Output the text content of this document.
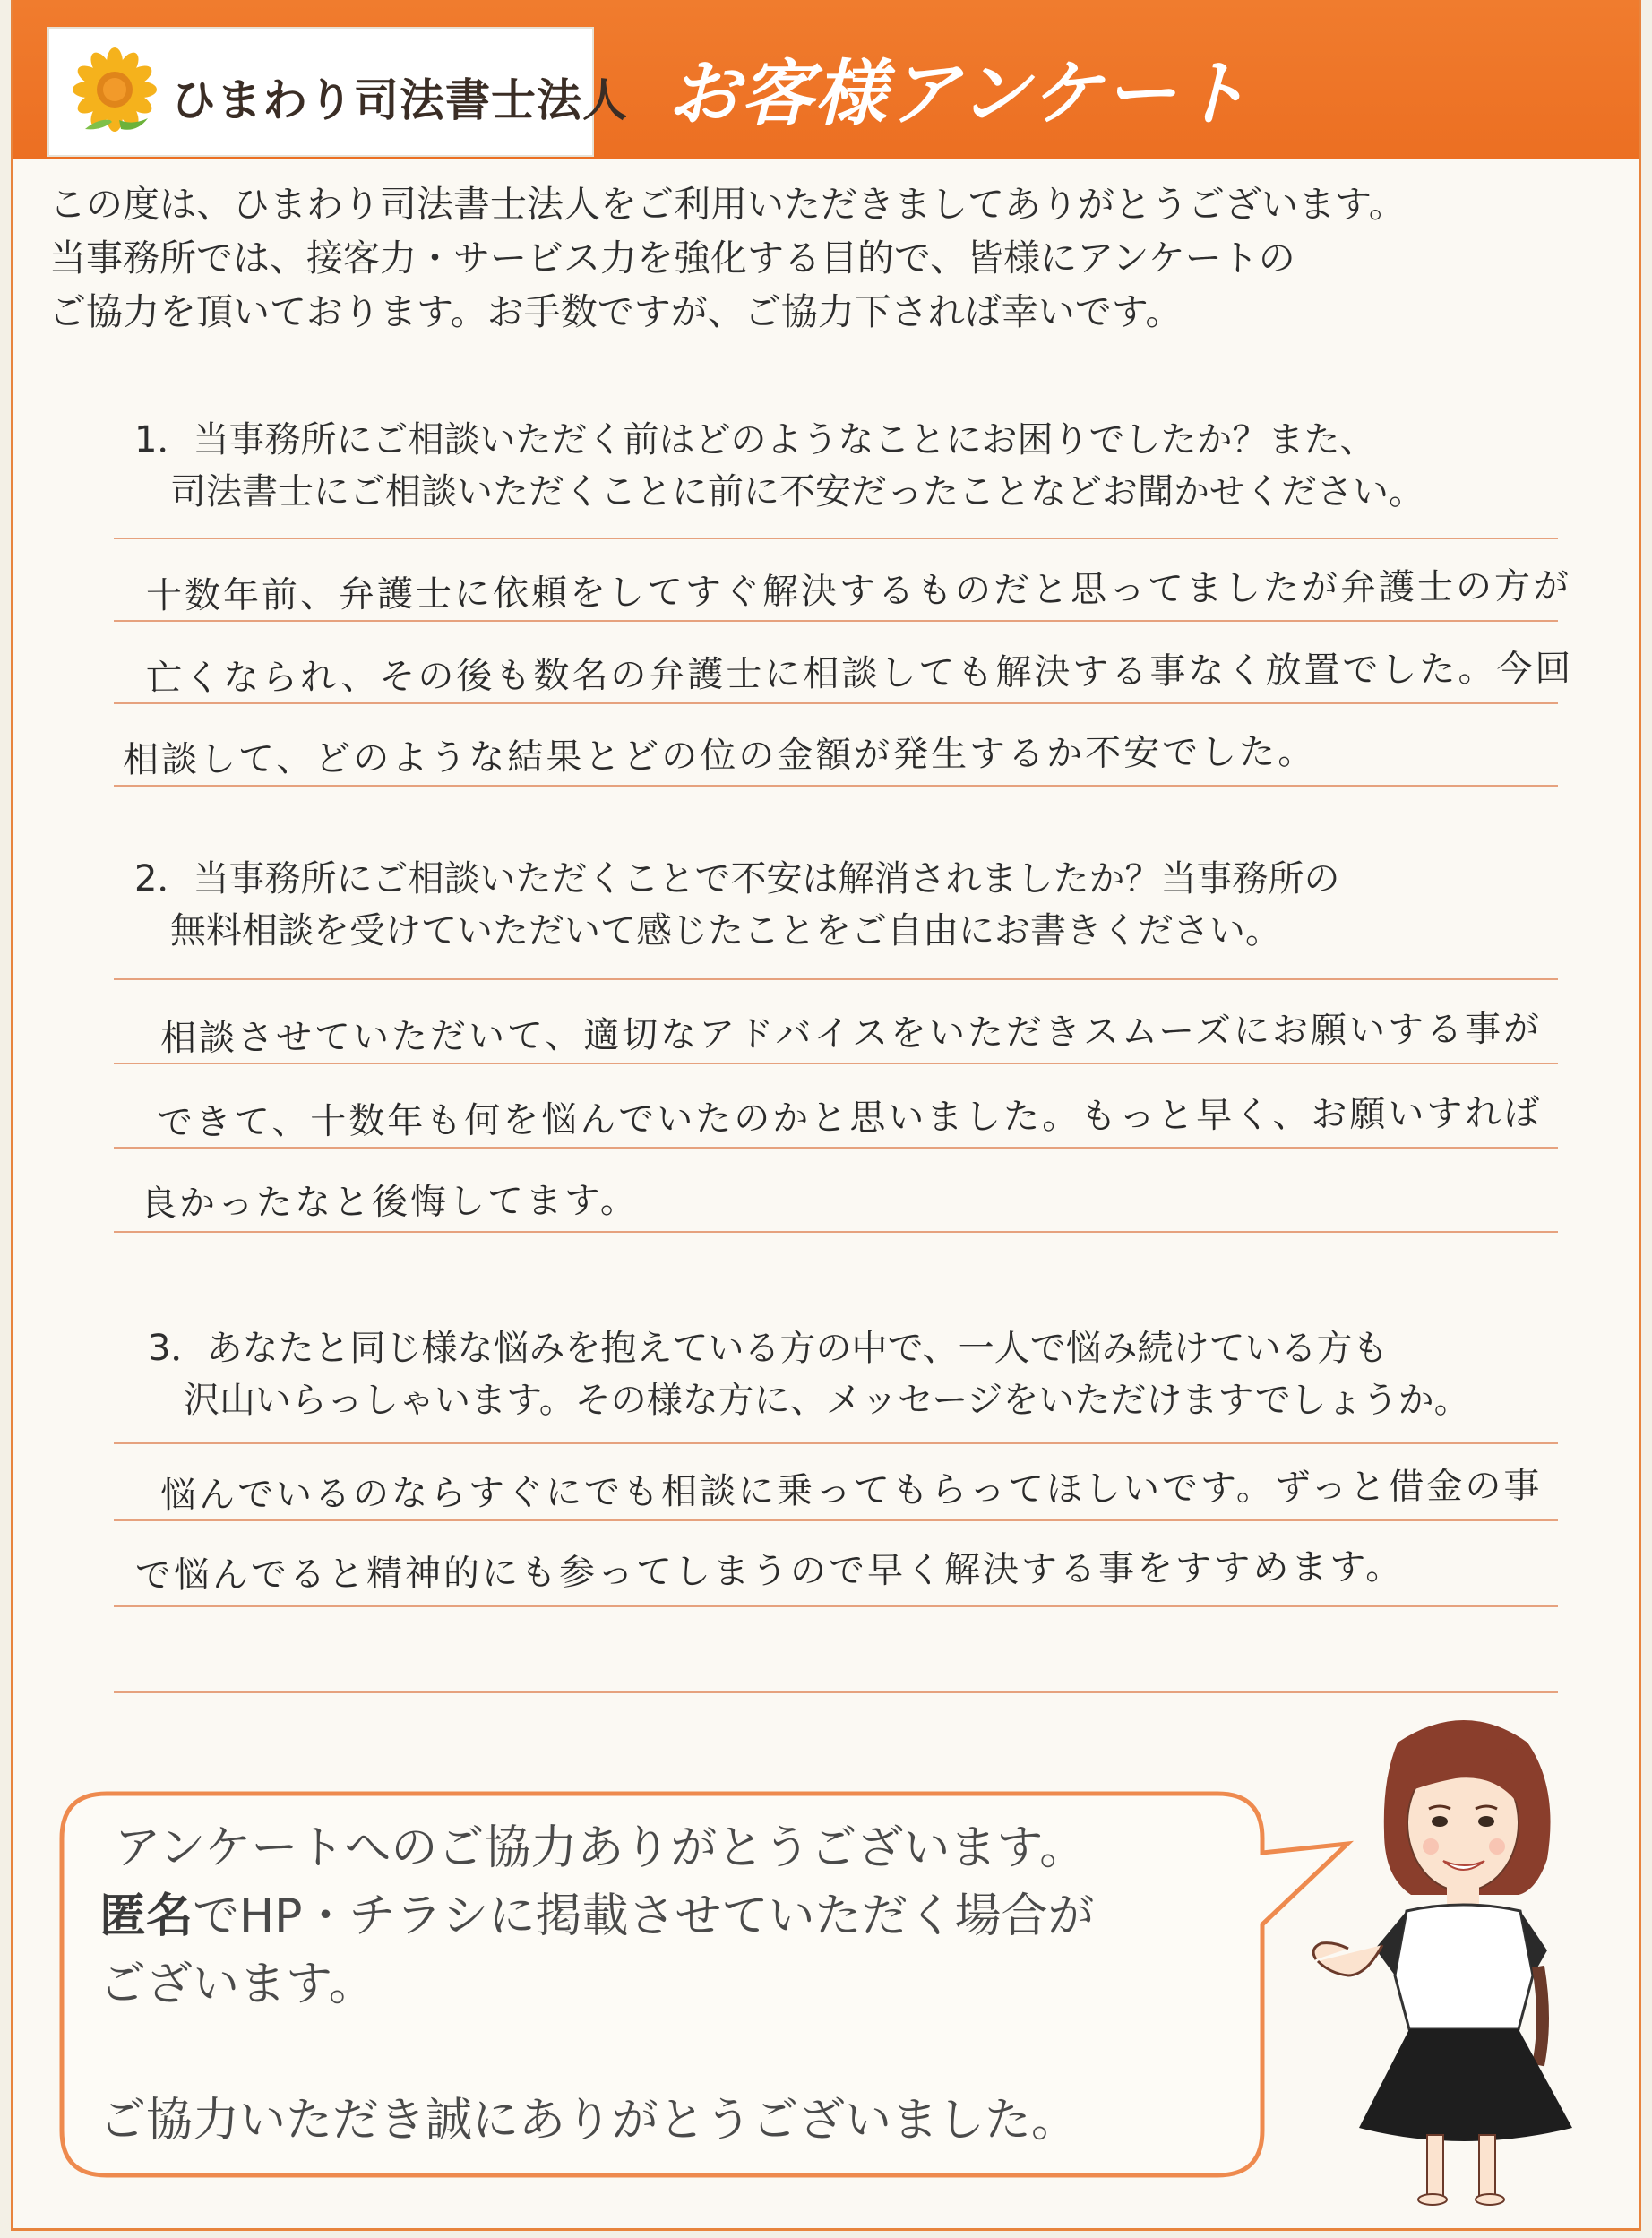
ひまわり司法書士法人 お客様アンケート

この度は、ひまわり司法書士法人をご利用いただきましてありがとうございます。

当事務所では、接客力・サービス力を強化する目的で、皆様にアンケートの

ご協力を頂いております。お手数ですが、ご協力下されば幸いです。

1．当事務所にご相談いただく前はどのようなことにお困りでしたか？また、

　司法書士にご相談いただくことに前に不安だったことなどお聞かせください。

十数年前、弁護士に依頼をしてすぐ解決するものだと思ってましたが弁護士の方が
亡くなられ、その後も数名の弁護士に相談しても解決する事なく放置でした。今回
相談して、どのような結果とどの位の金額が発生するか不安でした。

2．当事務所にご相談いただくことで不安は解消されましたか？当事務所の

　無料相談を受けていただいて感じたことをご自由にお書きください。

相談させていただいて、適切なアドバイスをいただきスムーズにお願いする事が
できて、十数年も何を悩んでいたのかと思いました。もっと早く、お願いすれば
良かったなと後悔してます。

3．あなたと同じ様な悩みを抱えている方の中で、一人で悩み続けている方も

　沢山いらっしゃいます。その様な方に、メッセージをいただけますでしょうか。

悩んでいるのならすぐにでも相談に乗ってもらってほしいです。ずっと借金の事
で悩んでると精神的にも参ってしまうので早く解決する事をすすめます。

アンケートへのご協力ありがとうございます。

匿名でHP・チラシに掲載させていただく場合が

ございます。

ご協力いただき誠にありがとうございました。
